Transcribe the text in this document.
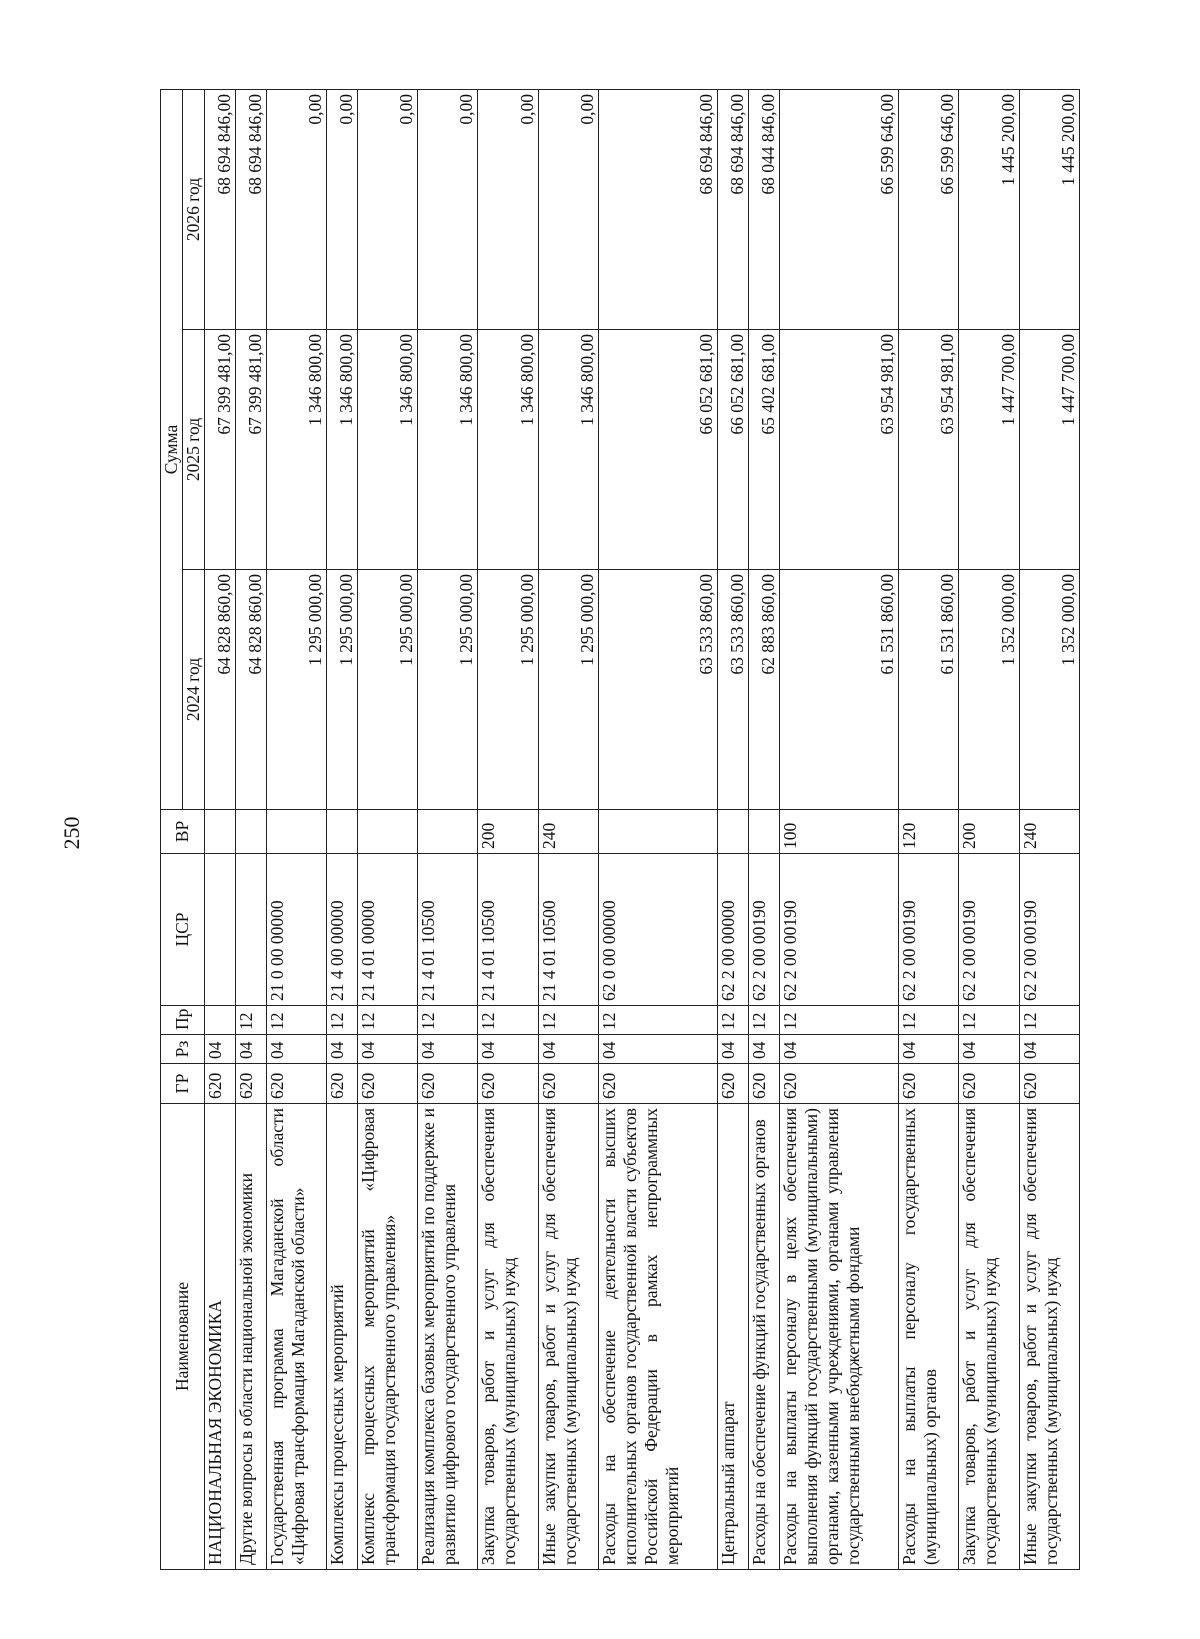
250
Наименование	ГР	Рз	Пр	ЦСР	ВР	Сумма		
						2024 год	2025 год	2026 год
НАЦИОНАЛЬНАЯ ЭКОНОМИКА	620	04				64 828 860,00	67 399 481,00	68 694 846,00
Другие вопросы в области национальной экономики	620	04	12			64 828 860,00	67 399 481,00	68 694 846,00
Государственная программа Магаданской области «Цифровая трансформация Магаданской области»	620	04	12	21 0 00 00000		1 295 000,00	1 346 800,00	0,00
Комплексы процессных мероприятий	620	04	12	21 4 00 00000		1 295 000,00	1 346 800,00	0,00
Комплекс процессных мероприятий «Цифровая трансформация государственного управления»	620	04	12	21 4 01 00000		1 295 000,00	1 346 800,00	0,00
Реализация комплекса базовых мероприятий по поддержке и развитию цифрового государственного управления	620	04	12	21 4 01 10500		1 295 000,00	1 346 800,00	0,00
Закупка товаров, работ и услуг для обеспечения государственных (муниципальных) нужд	620	04	12	21 4 01 10500	200	1 295 000,00	1 346 800,00	0,00
Иные закупки товаров, работ и услуг для обеспечения государственных (муниципальных) нужд	620	04	12	21 4 01 10500	240	1 295 000,00	1 346 800,00	0,00
Расходы на обеспечение деятельности высших исполнительных органов государственной власти субъектов Российской Федерации в рамках непрограммных мероприятий	620	04	12	62 0 00 00000		63 533 860,00	66 052 681,00	68 694 846,00
Центральный аппарат	620	04	12	62 2 00 00000		63 533 860,00	66 052 681,00	68 694 846,00
Расходы на обеспечение функций государственных органов	620	04	12	62 2 00 00190		62 883 860,00	65 402 681,00	68 044 846,00
Расходы на выплаты персоналу в целях обеспечения выполнения функций государственными (муниципальными) органами, казенными учреждениями, органами управления государственными внебюджетными фондами	620	04	12	62 2 00 00190	100	61 531 860,00	63 954 981,00	66 599 646,00
Расходы на выплаты персоналу государственных (муниципальных) органов	620	04	12	62 2 00 00190	120	61 531 860,00	63 954 981,00	66 599 646,00
Закупка товаров, работ и услуг для обеспечения государственных (муниципальных) нужд	620	04	12	62 2 00 00190	200	1 352 000,00	1 447 700,00	1 445 200,00
Иные закупки товаров, работ и услуг для обеспечения государственных (муниципальных) нужд	620	04	12	62 2 00 00190	240	1 352 000,00	1 447 700,00	1 445 200,00
